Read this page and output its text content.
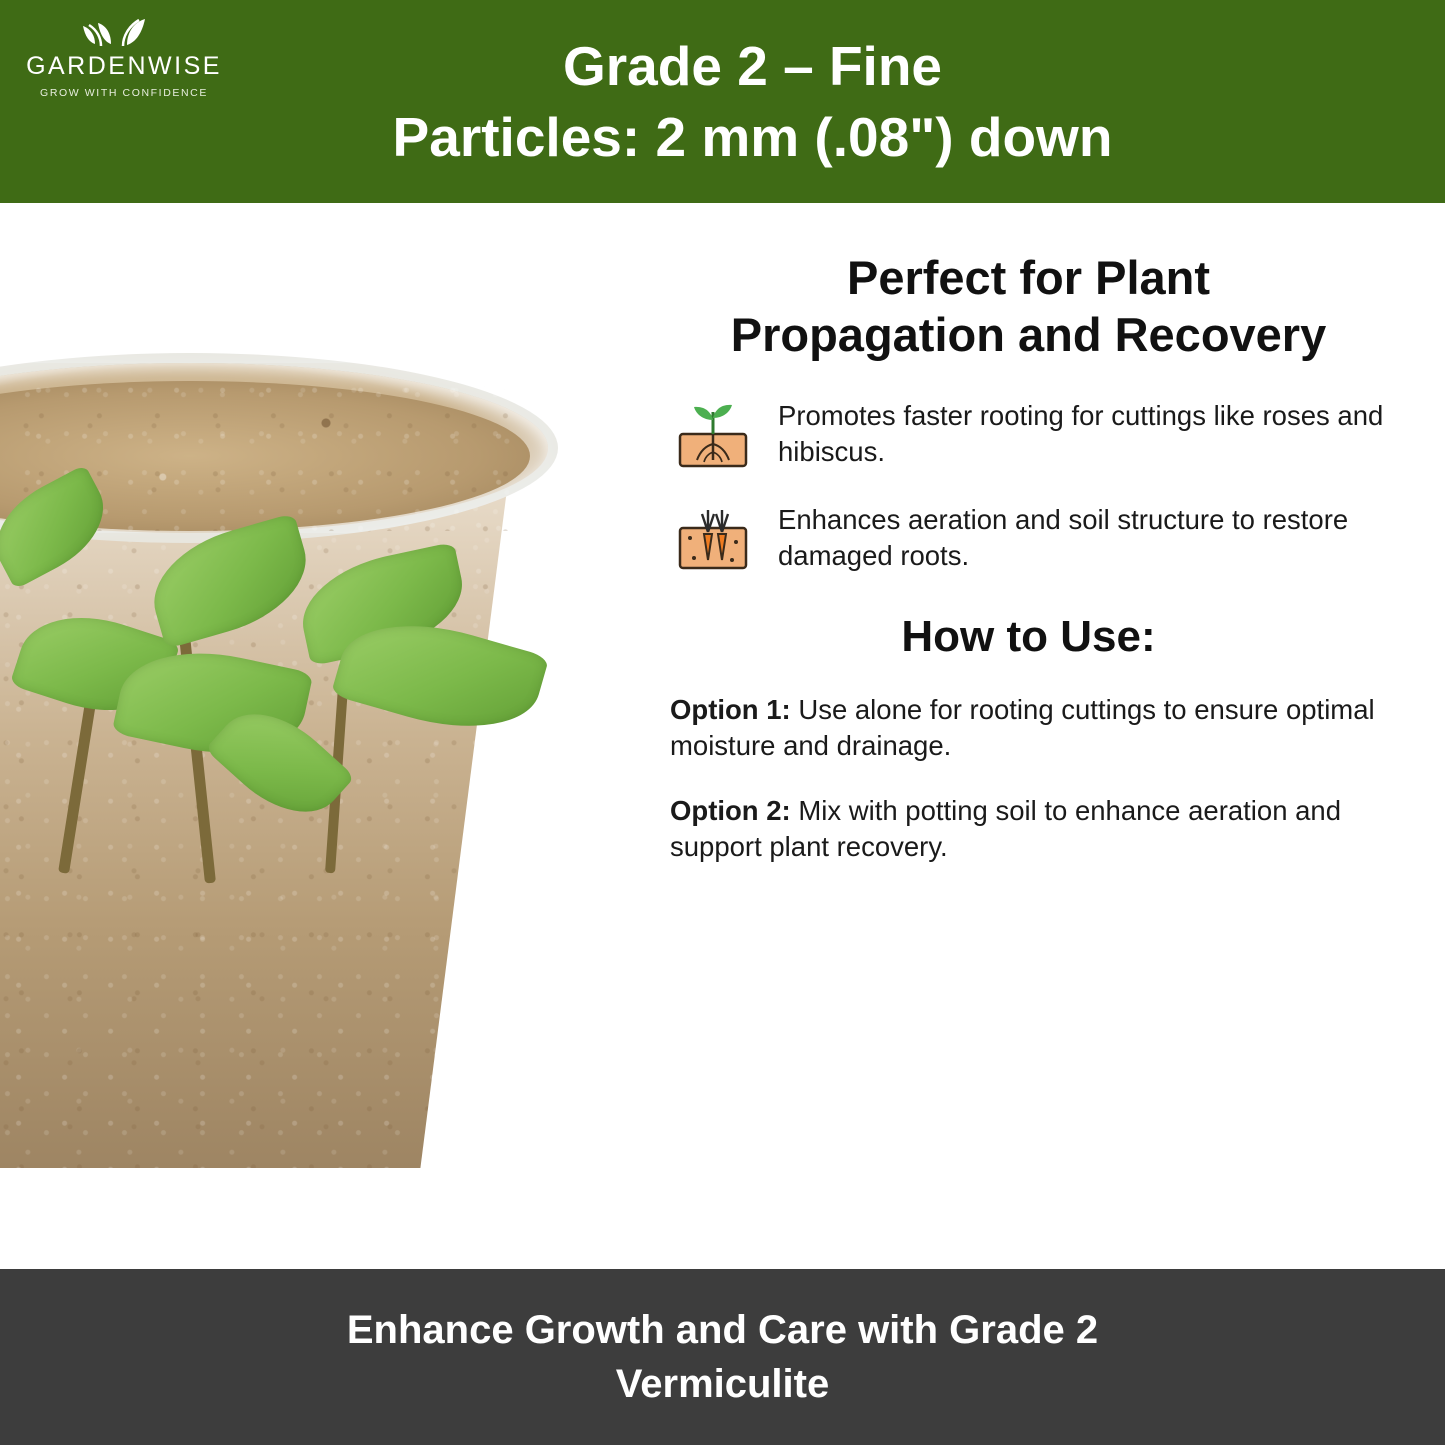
GARDENWISE
GROW WITH CONFIDENCE	Grade 2 – Fine
Particles: 2 mm (.08") down
Perfect for Plant
Propagation and Recovery
Promotes faster rooting for cuttings like roses and hibiscus.
Enhances aeration and soil structure to restore damaged roots.
How to Use:

Option 1: Use alone for rooting cuttings to ensure optimal moisture and drainage.

Option 2: Mix with potting soil to enhance aeration and support plant recovery.

Enhance Growth and Care with Grade 2
Vermiculite
